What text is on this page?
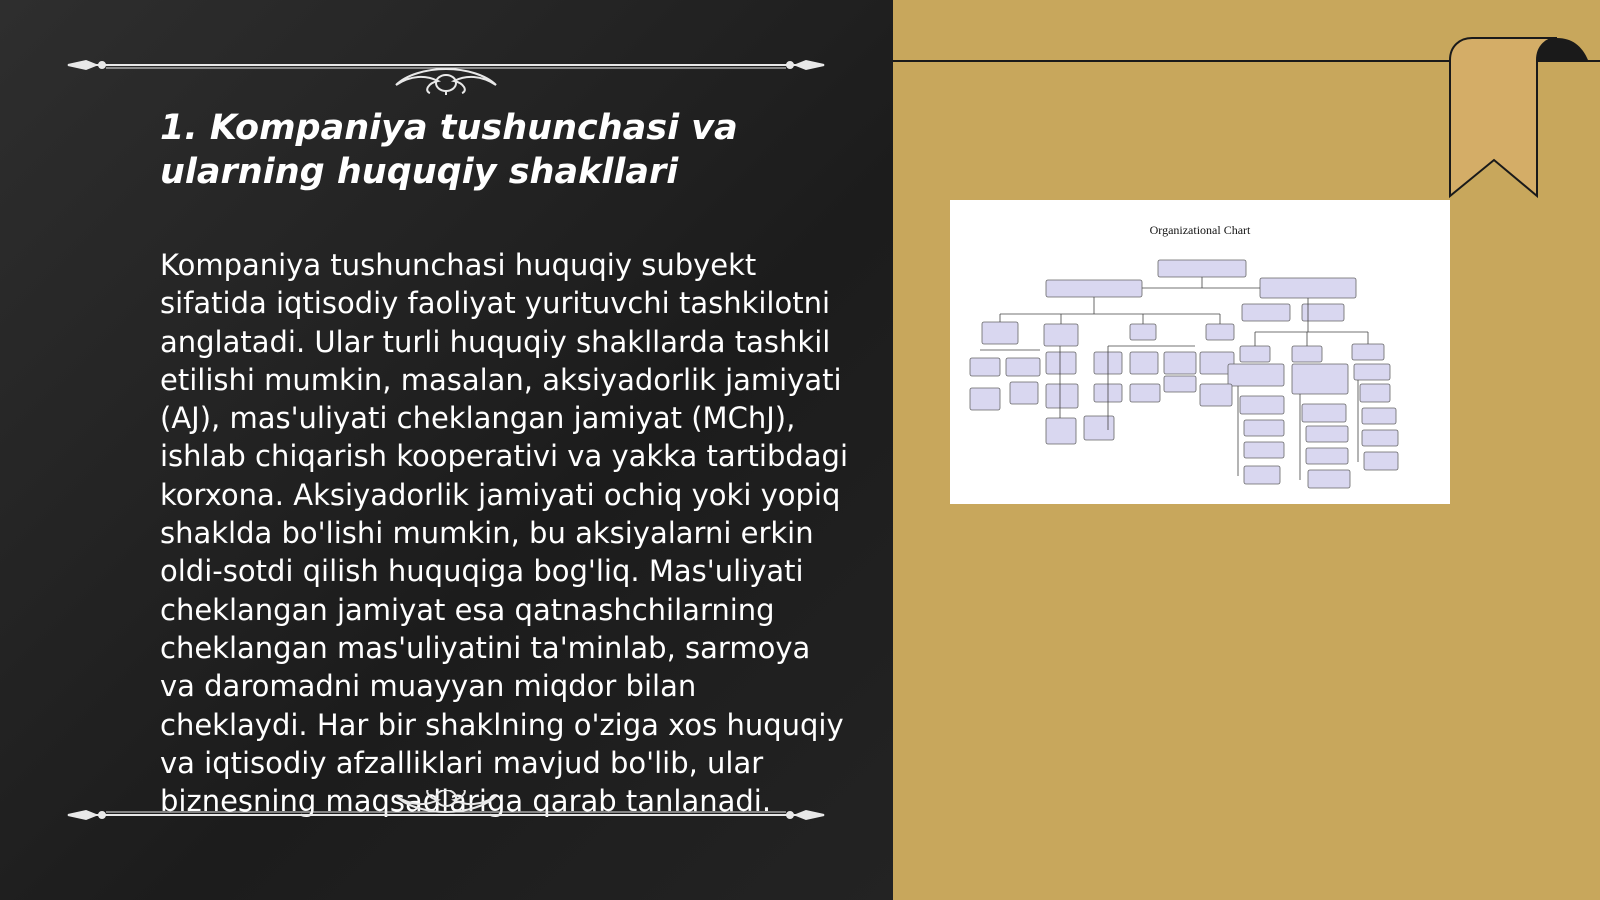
1. Kompaniya tushunchasi va ularning huquqiy shakllari

Kompaniya tushunchasi huquqiy subyekt sifatida iqtisodiy faoliyat yurituvchi tashkilotni anglatadi. Ular turli huquqiy shakllarda tashkil etilishi mumkin, masalan, aksiyadorlik jamiyati (AJ), mas'uliyati cheklangan jamiyat (MChJ), ishlab chiqarish kooperativi va yakka tartibdagi korxona. Aksiyadorlik jamiyati ochiq yoki yopiq shaklda bo'lishi mumkin, bu aksiyalarni erkin oldi-sotdi qilish huquqiga bog'liq. Mas'uliyati cheklangan jamiyat esa qatnashchilarning cheklangan mas'uliyatini ta'minlab, sarmoya va daromadni muayyan miqdor bilan cheklaydi. Har bir shaklning o'ziga xos huquqiy va iqtisodiy afzalliklari mavjud bo'lib, ular biznesning maqsadlariga qarab tanlanadi.

Organizational Chart
